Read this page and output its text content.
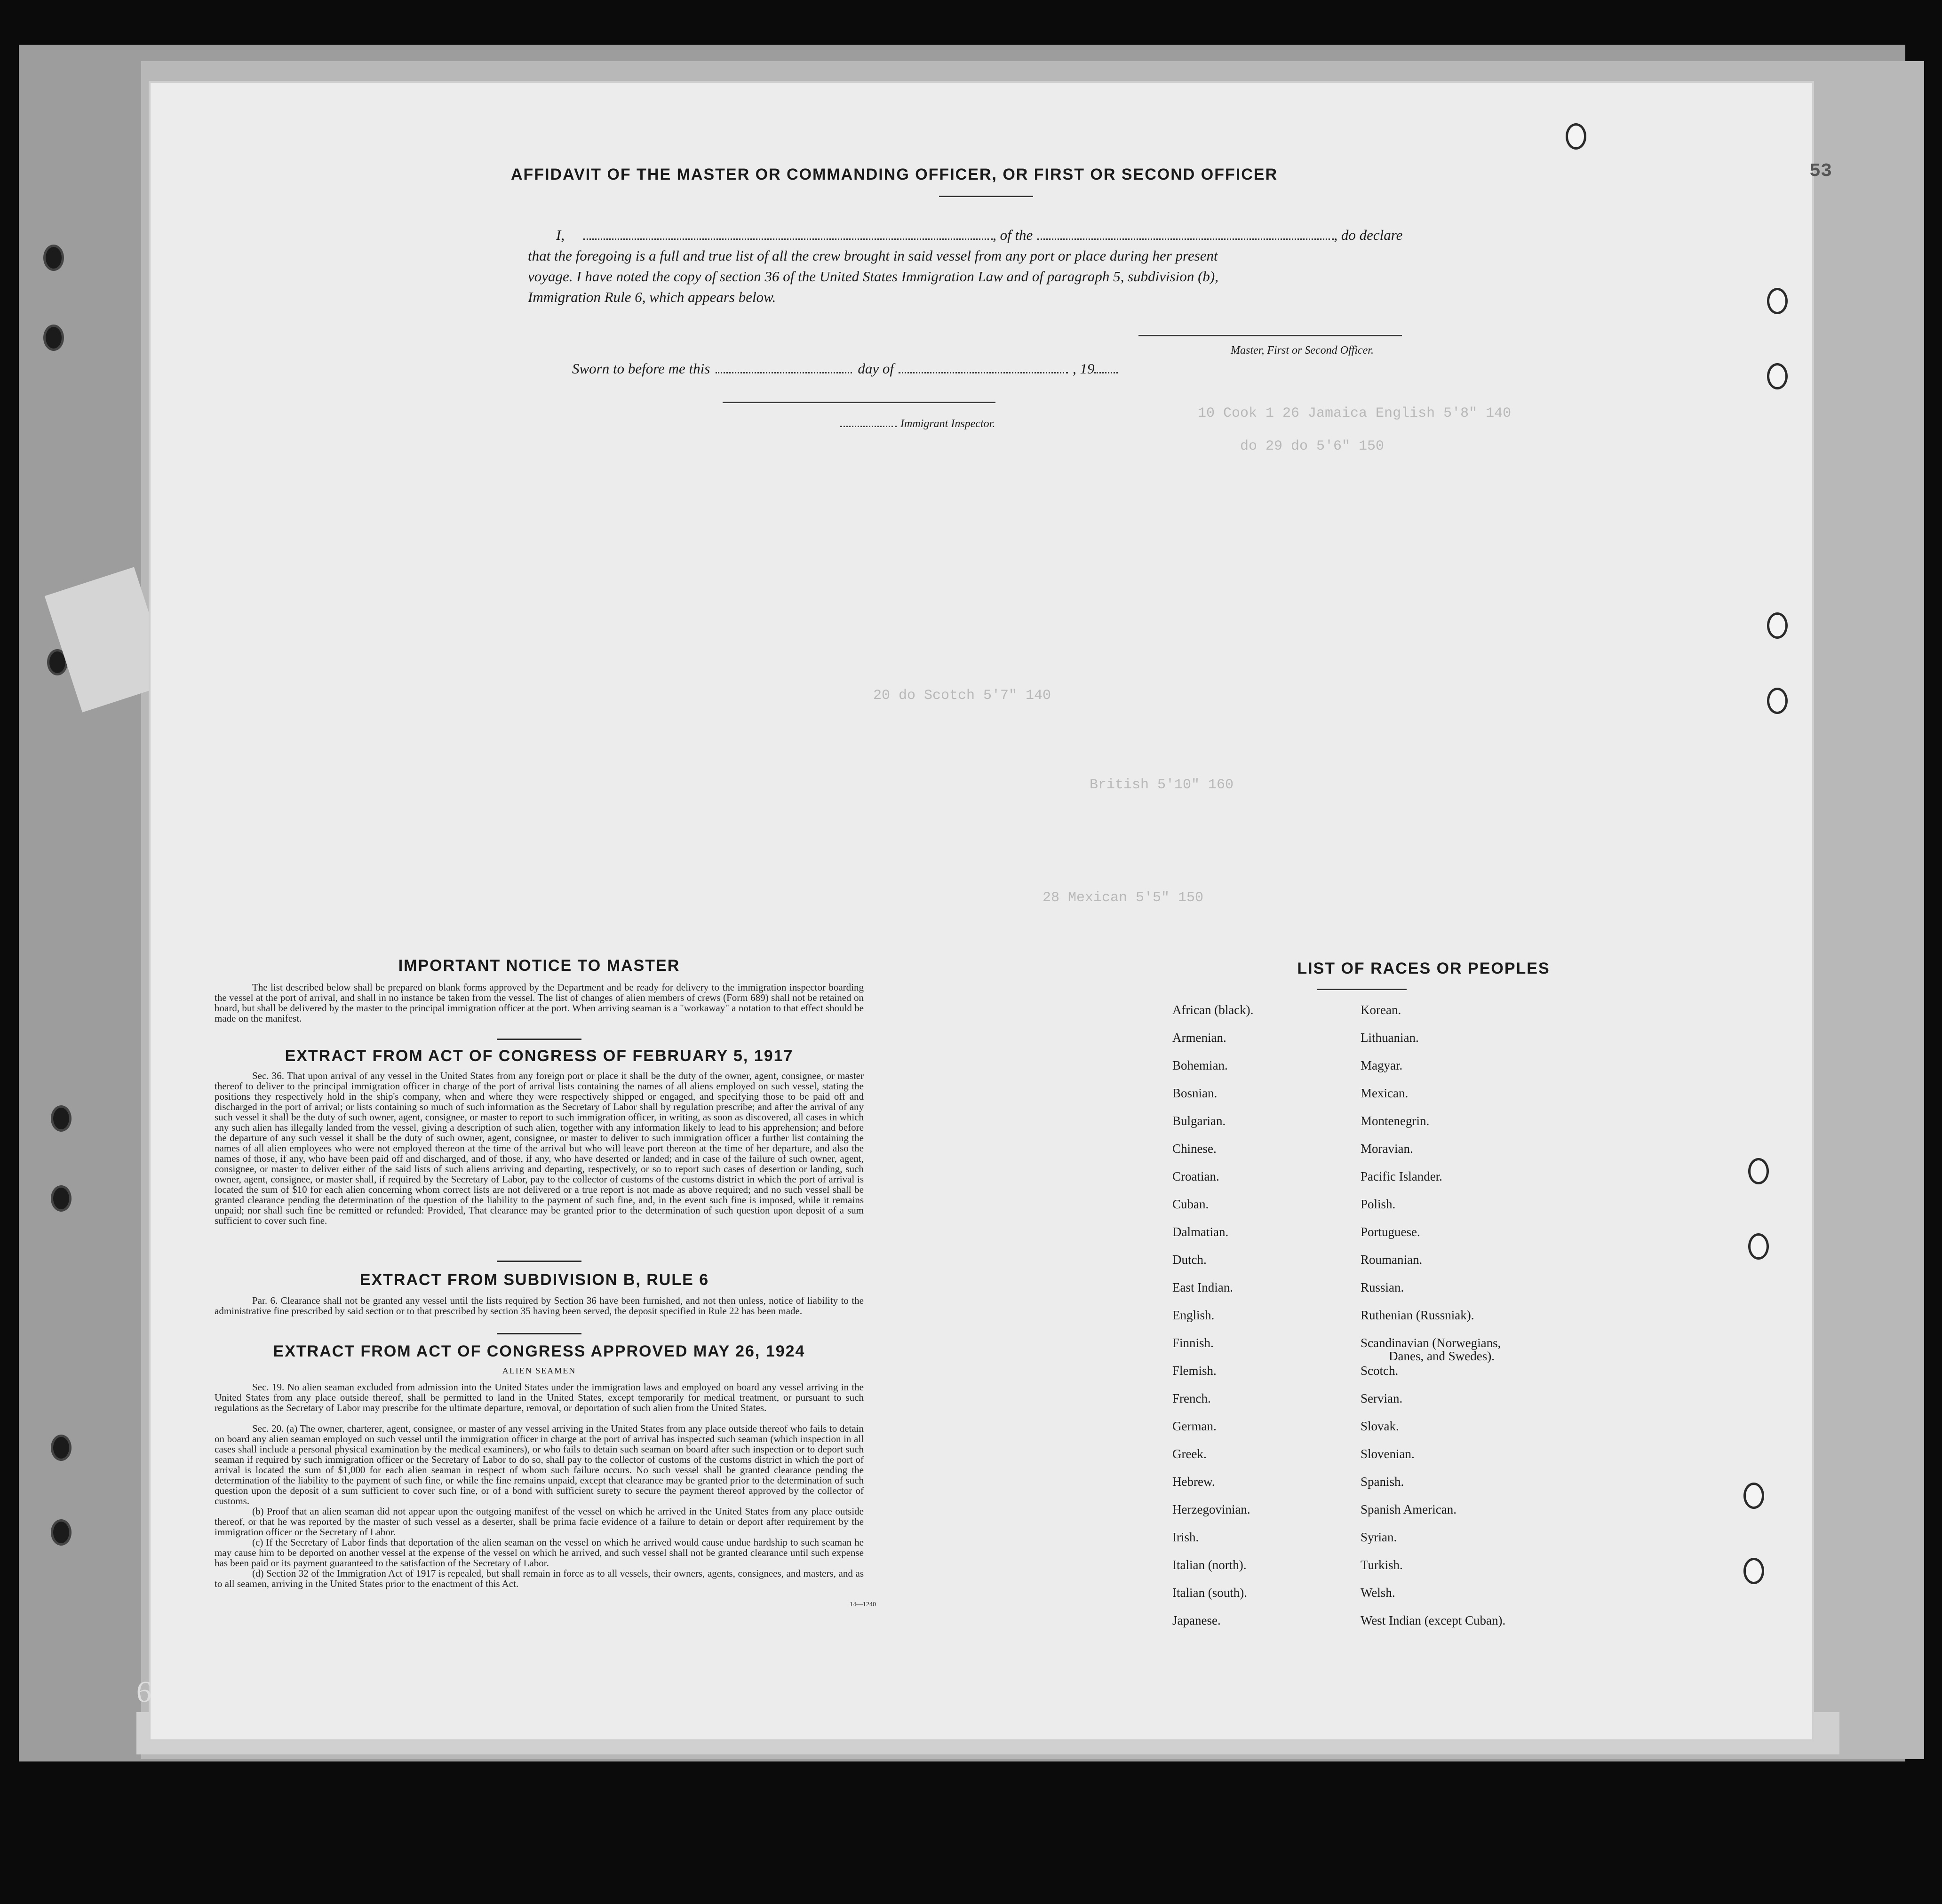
53
AFFIDAVIT OF THE MASTER OR COMMANDING OFFICER, OR FIRST OR SECOND OFFICER
I,	, of the	, do declare
that the foregoing is a full and true list of all the crew brought in said vessel from any port or place during her present
voyage. I have noted the copy of section 36 of the United States Immigration Law and of paragraph 5, subdivision (b),
Immigration Rule 6, which appears below.
Master, First or Second Officer.
Sworn to before me this	day of	, 19
Immigrant Inspector.
10 Cook 1 26 Jamaica English 5'8" 140
do 29 do 5'6" 150
20 do Scotch 5'7" 140
British 5'10" 160
28 Mexican 5'5" 150
IMPORTANT NOTICE TO MASTER
The list described below shall be prepared on blank forms approved by the Department and be ready for delivery to the immigration inspector boarding the vessel at the port of arrival, and shall in no instance be taken from the vessel. The list of changes of alien members of crews (Form 689) shall not be retained on board, but shall be delivered by the master to the principal immigration officer at the port. When arriving seaman is a "workaway" a notation to that effect should be made on the manifest.
EXTRACT FROM ACT OF CONGRESS OF FEBRUARY 5, 1917
Sec. 36. That upon arrival of any vessel in the United States from any foreign port or place it shall be the duty of the owner, agent, consignee, or master thereof to deliver to the principal immigration officer in charge of the port of arrival lists containing the names of all aliens employed on such vessel, stating the positions they respectively hold in the ship's company, when and where they were respectively shipped or engaged, and specifying those to be paid off and discharged in the port of arrival; or lists containing so much of such information as the Secretary of Labor shall by regulation prescribe; and after the arrival of any such vessel it shall be the duty of such owner, agent, consignee, or master to report to such immigration officer, in writing, as soon as discovered, all cases in which any such alien has illegally landed from the vessel, giving a description of such alien, together with any information likely to lead to his apprehension; and before the departure of any such vessel it shall be the duty of such owner, agent, consignee, or master to deliver to such immigration officer a further list containing the names of all alien employees who were not employed thereon at the time of the arrival but who will leave port thereon at the time of her departure, and also the names of those, if any, who have been paid off and discharged, and of those, if any, who have deserted or landed; and in case of the failure of such owner, agent, consignee, or master to deliver either of the said lists of such aliens arriving and departing, respectively, or so to report such cases of desertion or landing, such owner, agent, consignee, or master shall, if required by the Secretary of Labor, pay to the collector of customs of the customs district in which the port of arrival is located the sum of $10 for each alien concerning whom correct lists are not delivered or a true report is not made as above required; and no such vessel shall be granted clearance pending the determination of the question of the liability to the payment of such fine, and, in the event such fine is imposed, while it remains unpaid; nor shall such fine be remitted or refunded: Provided, That clearance may be granted prior to the determination of such question upon deposit of a sum sufficient to cover such fine.
EXTRACT FROM SUBDIVISION B, RULE 6
Par. 6. Clearance shall not be granted any vessel until the lists required by Section 36 have been furnished, and not then unless, notice of liability to the administrative fine prescribed by said section or to that prescribed by section 35 having been served, the deposit specified in Rule 22 has been made.
EXTRACT FROM ACT OF CONGRESS APPROVED MAY 26, 1924
ALIEN SEAMEN
Sec. 19. No alien seaman excluded from admission into the United States under the immigration laws and employed on board any vessel arriving in the United States from any place outside thereof, shall be permitted to land in the United States, except temporarily for medical treatment, or pursuant to such regulations as the Secretary of Labor may prescribe for the ultimate departure, removal, or deportation of such alien from the United States.
Sec. 20. (a) The owner, charterer, agent, consignee, or master of any vessel arriving in the United States from any place outside thereof who fails to detain on board any alien seaman employed on such vessel until the immigration officer in charge at the port of arrival has inspected such seaman (which inspection in all cases shall include a personal physical examination by the medical examiners), or who fails to detain such seaman on board after such inspection or to deport such seaman if required by such immigration officer or the Secretary of Labor to do so, shall pay to the collector of customs of the customs district in which the port of arrival is located the sum of $1,000 for each alien seaman in respect of whom such failure occurs. No such vessel shall be granted clearance pending the determination of the liability to the payment of such fine, or while the fine remains unpaid, except that clearance may be granted prior to the determination of such question upon the deposit of a sum sufficient to cover such fine, or of a bond with sufficient surety to secure the payment thereof approved by the collector of customs.
(b) Proof that an alien seaman did not appear upon the outgoing manifest of the vessel on which he arrived in the United States from any place outside thereof, or that he was reported by the master of such vessel as a deserter, shall be prima facie evidence of a failure to detain or deport after requirement by the immigration officer or the Secretary of Labor.
(c) If the Secretary of Labor finds that deportation of the alien seaman on the vessel on which he arrived would cause undue hardship to such seaman he may cause him to be deported on another vessel at the expense of the vessel on which he arrived, and such vessel shall not be granted clearance until such expense has been paid or its payment guaranteed to the satisfaction of the Secretary of Labor.
(d) Section 32 of the Immigration Act of 1917 is repealed, but shall remain in force as to all vessels, their owners, agents, consignees, and masters, and as to all seamen, arriving in the United States prior to the enactment of this Act.
14—1240
LIST OF RACES OR PEOPLES
African (black).
Armenian.
Bohemian.
Bosnian.
Bulgarian.
Chinese.
Croatian.
Cuban.
Dalmatian.
Dutch.
East Indian.
English.
Finnish.
Flemish.
French.
German.
Greek.
Hebrew.
Herzegovinian.
Irish.
Italian (north).
Italian (south).
Japanese.
Korean.
Lithuanian.
Magyar.
Mexican.
Montenegrin.
Moravian.
Pacific Islander.
Polish.
Portuguese.
Roumanian.
Russian.
Ruthenian (Russniak).
Scandinavian (Norwegians,
Danes, and Swedes).
Scotch.
Servian.
Slovak.
Slovenian.
Spanish.
Spanish American.
Syrian.
Turkish.
Welsh.
West Indian (except Cuban).
9
